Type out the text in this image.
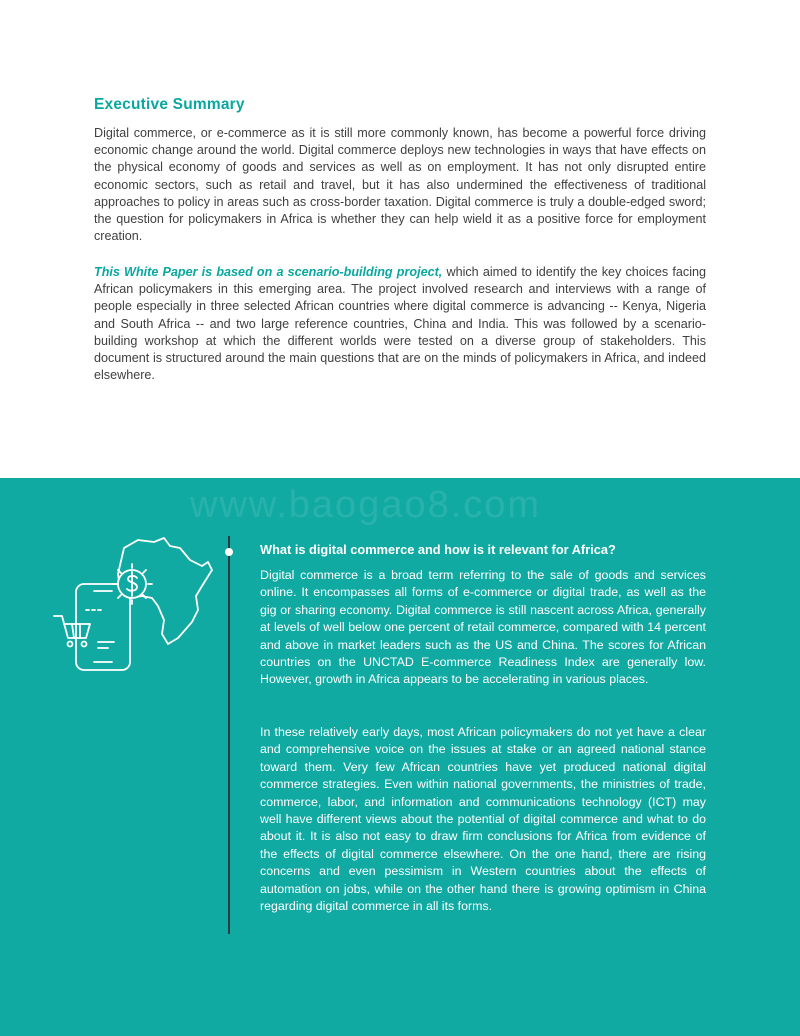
Executive Summary

Digital commerce, or e-commerce as it is still more commonly known, has become a powerful force driving economic change around the world. Digital commerce deploys new technologies in ways that have effects on the physical economy of goods and services as well as on employment. It has not only disrupted entire economic sectors, such as retail and travel, but it has also undermined the effectiveness of traditional approaches to policy in areas such as cross-border taxation. Digital commerce is truly a double-edged sword; the question for policymakers in Africa is whether they can help wield it as a positive force for employment creation.

This White Paper is based on a scenario-building project, which aimed to identify the key choices facing African policymakers in this emerging area. The project involved research and interviews with a range of people especially in three selected African countries where digital commerce is advancing -- Kenya, Nigeria and South Africa -- and two large reference countries, China and India. This was followed by a scenario-building workshop at which the different worlds were tested on a diverse group of stakeholders. This document is structured around the main questions that are on the minds of policymakers in Africa, and indeed elsewhere.

www.baogao8.com
What is digital commerce and how is it relevant for Africa?

Digital commerce is a broad term referring to the sale of goods and services online. It encompasses all forms of e-commerce or digital trade, as well as the gig or sharing economy. Digital commerce is still nascent across Africa, generally at levels of well below one percent of retail commerce, compared with 14 percent and above in market leaders such as the US and China. The scores for African countries on the UNCTAD E-commerce Readiness Index are generally low. However, growth in Africa appears to be accelerating in various places.

In these relatively early days, most African policymakers do not yet have a clear and comprehensive voice on the issues at stake or an agreed national stance toward them. Very few African countries have yet produced national digital commerce strategies. Even within national governments, the ministries of trade, commerce, labor, and information and communications technology (ICT) may well have different views about the potential of digital commerce and what to do about it. It is also not easy to draw firm conclusions for Africa from evidence of the effects of digital commerce elsewhere. On the one hand, there are rising concerns and even pessimism in Western countries about the effects of automation on jobs, while on the other hand there is growing optimism in China regarding digital commerce in all its forms.
